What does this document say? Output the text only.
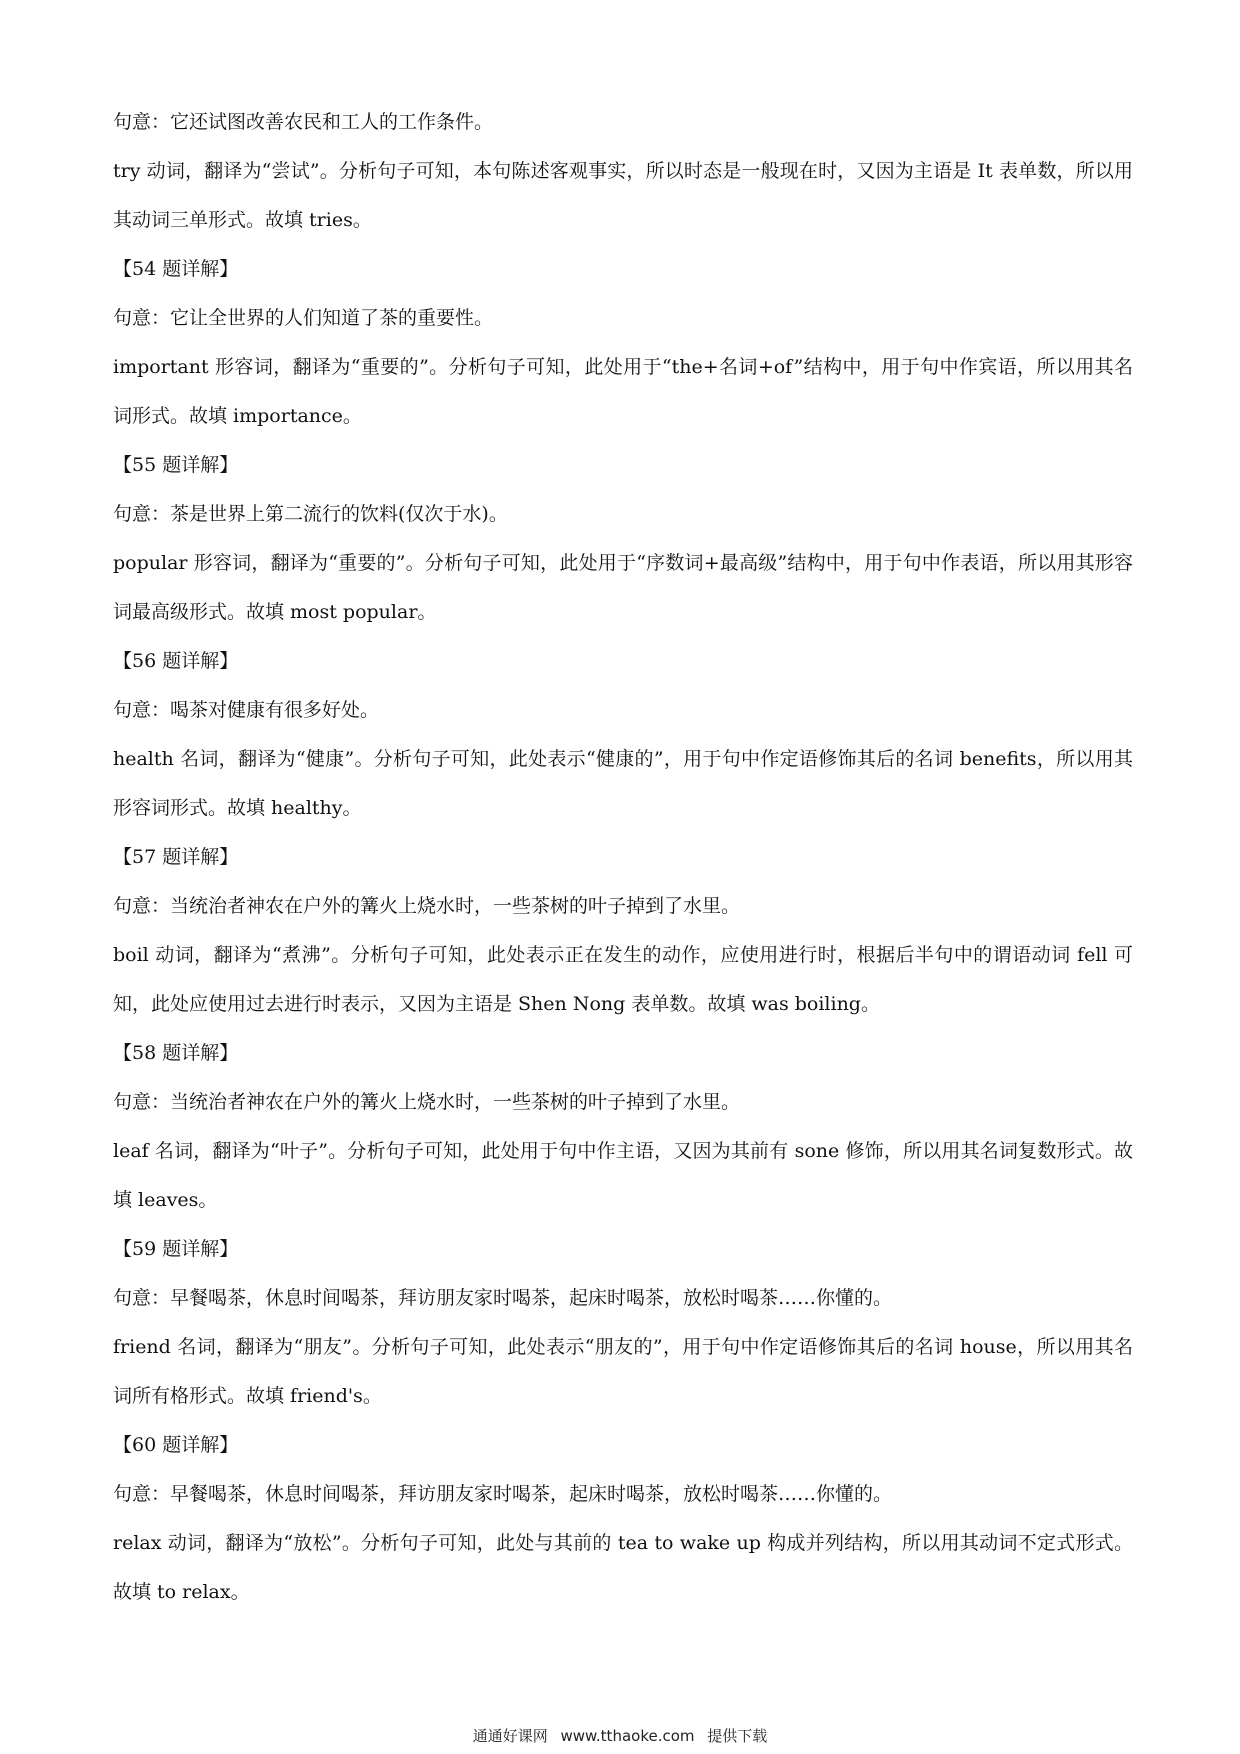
句意：它还试图改善农民和工人的工作条件。

try 动词，翻译为“尝试”。分析句子可知，本句陈述客观事实，所以时态是一般现在时，又因为主语是 It 表单数，所以用其动词三单形式。故填 tries。

【54 题详解】

句意：它让全世界的人们知道了茶的重要性。

important 形容词，翻译为“重要的”。分析句子可知，此处用于“the+名词+of”结构中，用于句中作宾语，所以用其名词形式。故填 importance。

【55 题详解】

句意：茶是世界上第二流行的饮料(仅次于水)。

popular 形容词，翻译为“重要的”。分析句子可知，此处用于“序数词+最高级”结构中，用于句中作表语，所以用其形容词最高级形式。故填 most popular。

【56 题详解】

句意：喝茶对健康有很多好处。

health 名词，翻译为“健康”。分析句子可知，此处表示“健康的”，用于句中作定语修饰其后的名词 benefits，所以用其形容词形式。故填 healthy。

【57 题详解】

句意：当统治者神农在户外的篝火上烧水时，一些茶树的叶子掉到了水里。

boil 动词，翻译为“煮沸”。分析句子可知，此处表示正在发生的动作，应使用进行时，根据后半句中的谓语动词 fell 可知，此处应使用过去进行时表示，又因为主语是 Shen Nong 表单数。故填 was boiling。

【58 题详解】

句意：当统治者神农在户外的篝火上烧水时，一些茶树的叶子掉到了水里。

leaf 名词，翻译为“叶子”。分析句子可知，此处用于句中作主语，又因为其前有 sone 修饰，所以用其名词复数形式。故填 leaves。

【59 题详解】

句意：早餐喝茶，休息时间喝茶，拜访朋友家时喝茶，起床时喝茶，放松时喝茶……你懂的。

friend 名词，翻译为“朋友”。分析句子可知，此处表示“朋友的”，用于句中作定语修饰其后的名词 house，所以用其名词所有格形式。故填 friend's。

【60 题详解】

句意：早餐喝茶，休息时间喝茶，拜访朋友家时喝茶，起床时喝茶，放松时喝茶……你懂的。

relax 动词，翻译为“放松”。分析句子可知，此处与其前的 tea to wake up 构成并列结构，所以用其动词不定式形式。故填 to relax。

通通好课网 www.tthaoke.com 提供下载
